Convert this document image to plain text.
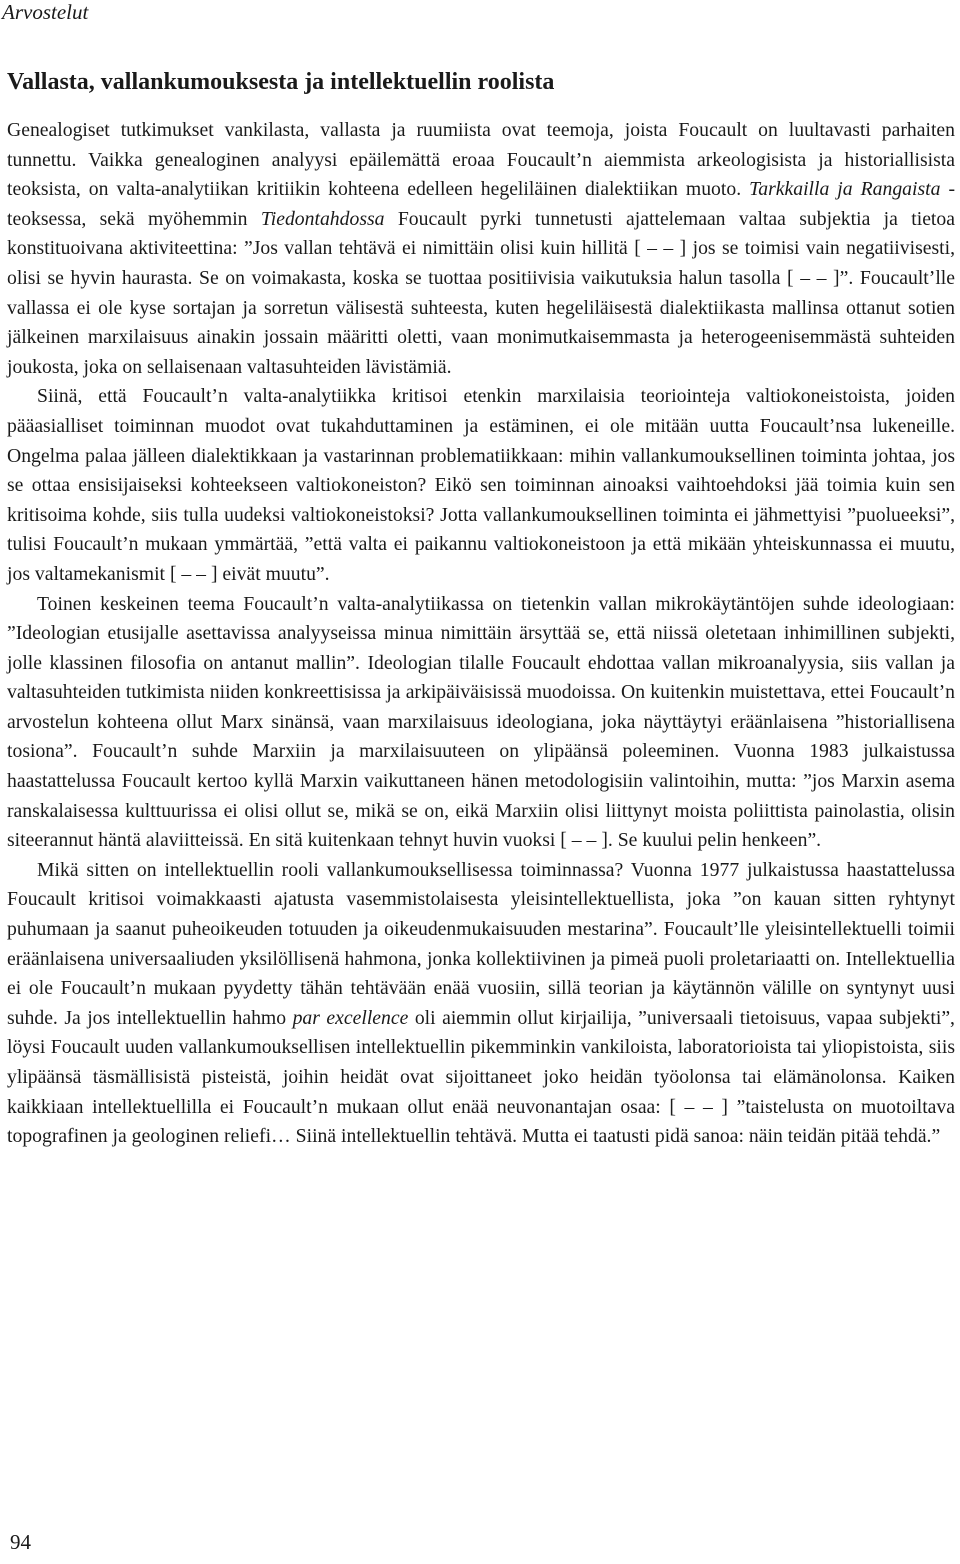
Arvostelut

Vallasta, vallankumouksesta ja intellektuellin roolista

Genealogiset tutkimukset vankilasta, vallasta ja ruumiista ovat teemoja, joista Foucault on luultavasti parhaiten tunnettu. Vaikka genealoginen analyysi epäilemättä eroaa Foucault’n aiemmista arkeologisista ja historiallisista teoksista, on valta-analytiikan kritiikin kohteena edelleen hegeliläinen dialektiikan muoto. Tarkkailla ja Rangaista -teoksessa, sekä myöhemmin Tiedontahdossa Foucault pyrki tunnetusti ajattelemaan valtaa subjektia ja tietoa konstituoivana aktiviteettina: ”Jos vallan tehtävä ei nimittäin olisi kuin hillitä [ – – ] jos se toimisi vain negatiivisesti, olisi se hyvin haurasta. Se on voimakasta, koska se tuottaa positiivisia vaikutuksia halun tasolla [ – – ]”. Foucault’lle vallassa ei ole kyse sortajan ja sorretun välisestä suhteesta, kuten hegeliläisestä dialektiikasta mallinsa ottanut sotien jälkeinen marxilaisuus ainakin jossain määritti oletti, vaan monimutkaisemmasta ja heterogeenisemmästä suhteiden joukosta, joka on sellaisenaan valtasuhteiden lävistämiä.

Siinä, että Foucault’n valta-analytiikka kritisoi etenkin marxilaisia teoriointeja valtiokoneistoista, joiden pääasialliset toiminnan muodot ovat tukahduttaminen ja estäminen, ei ole mitään uutta Foucault’nsa lukeneille. Ongelma palaa jälleen dialektikkaan ja vastarinnan problematiikkaan: mihin vallankumouksellinen toiminta johtaa, jos se ottaa ensisijaiseksi kohteekseen valtiokoneiston? Eikö sen toiminnan ainoaksi vaihtoehdoksi jää toimia kuin sen kritisoima kohde, siis tulla uudeksi valtiokoneistoksi? Jotta vallankumouksellinen toiminta ei jähmettyisi ”puolueeksi”, tulisi Foucault’n mukaan ymmärtää, ”että valta ei paikannu valtiokoneistoon ja että mikään yhteiskunnassa ei muutu, jos valtamekanismit [ – – ] eivät muutu”.

Toinen keskeinen teema Foucault’n valta-analytiikassa on tietenkin vallan mikrokäytäntöjen suhde ideologiaan: ”Ideologian etusijalle asettavissa analyyseissa minua nimittäin ärsyttää se, että niissä oletetaan inhimillinen subjekti, jolle klassinen filosofia on antanut mallin”. Ideologian tilalle Foucault ehdottaa vallan mikroanalyysia, siis vallan ja valtasuhteiden tutkimista niiden konkreettisissa ja arkipäiväisissä muodoissa. On kuitenkin muistettava, ettei Foucault’n arvostelun kohteena ollut Marx sinänsä, vaan marxilaisuus ideologiana, joka näyttäytyi eräänlaisena ”historiallisena tosiona”. Foucault’n suhde Marxiin ja marxilaisuuteen on ylipäänsä poleeminen. Vuonna 1983 julkaistussa haastattelussa Foucault kertoo kyllä Marxin vaikuttaneen hänen metodologisiin valintoihin, mutta: ”jos Marxin asema ranskalaisessa kulttuurissa ei olisi ollut se, mikä se on, eikä Marxiin olisi liittynyt moista poliittista painolastia, olisin siteerannut häntä alaviitteissä. En sitä kuitenkaan tehnyt huvin vuoksi [ – – ]. Se kuului pelin henkeen”.

Mikä sitten on intellektuellin rooli vallankumouksellisessa toiminnassa? Vuonna 1977 julkaistussa haastattelussa Foucault kritisoi voimakkaasti ajatusta vasemmistolaisesta yleisintellektuellista, joka ”on kauan sitten ryhtynyt puhumaan ja saanut puheoikeuden totuuden ja oikeudenmukaisuuden mestarina”. Foucault’lle yleisintellektuelli toimii eräänlaisena universaaliuden yksilöllisenä hahmona, jonka kollektiivinen ja pimeä puoli proletariaatti on. Intellektuellia ei ole Foucault’n mukaan pyydetty tähän tehtävään enää vuosiin, sillä teorian ja käytännön välille on syntynyt uusi suhde. Ja jos intellektuellin hahmo par excellence oli aiemmin ollut kirjailija, ”universaali tietoisuus, vapaa subjekti”, löysi Foucault uuden vallankumouksellisen intellektuellin pikemminkin vankiloista, laboratorioista tai yliopistoista, siis ylipäänsä täsmällisistä pisteistä, joihin heidät ovat sijoittaneet joko heidän työolonsa tai elämänolonsa. Kaiken kaikkiaan intellektuellilla ei Foucault’n mukaan ollut enää neuvonantajan osaa: [ – – ] ”taistelusta on muotoiltava topografinen ja geologinen reliefi… Siinä intellektuellin tehtävä. Mutta ei taatusti pidä sanoa: näin teidän pitää tehdä.”

94
